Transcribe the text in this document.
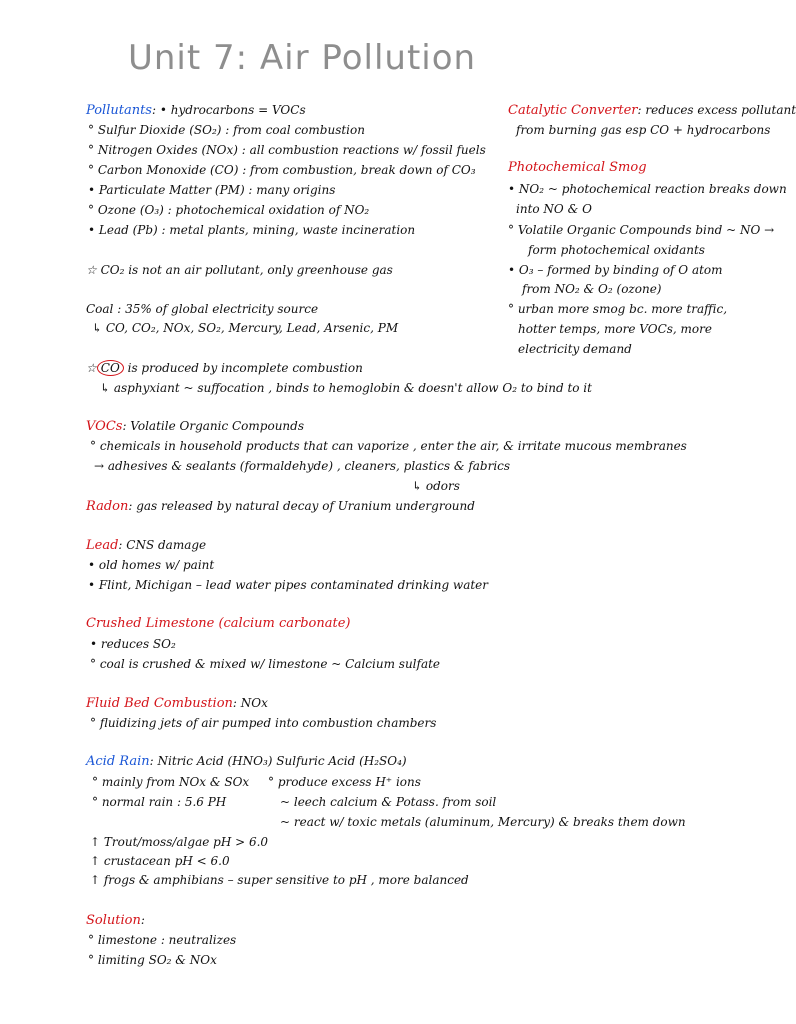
Unit 7: Air Pollution
Pollutants: • hydrocarbons = VOCs
° Sulfur Dioxide (SO₂) : from coal combustion
° Nitrogen Oxides (NOx) : all combustion reactions w/ fossil fuels
° Carbon Monoxide (CO) : from combustion, break down of CO₃
• Particulate Matter (PM) : many origins
° Ozone (O₃) : photochemical oxidation of NO₂
• Lead (Pb) : metal plants, mining, waste incineration
☆ CO₂ is not an air pollutant, only greenhouse gas
Coal : 35% of global electricity source
↳ CO, CO₂, NOx, SO₂, Mercury, Lead, Arsenic, PM
☆ CO is produced by incomplete combustion
↳ asphyxiant ~ suffocation , binds to hemoglobin & doesn't allow O₂ to bind to it
Catalytic Converter: reduces excess pollutant
from burning gas esp CO + hydrocarbons
Photochemical Smog
• NO₂ ~ photochemical reaction breaks down
into NO & O
° Volatile Organic Compounds bind ~ NO →
form photochemical oxidants
• O₃ – formed by binding of O atom
from NO₂ & O₂ (ozone)
° urban more smog bc. more traffic,
hotter temps, more VOCs, more
electricity demand
VOCs: Volatile Organic Compounds
° chemicals in household products that can vaporize , enter the air, & irritate mucous membranes
→ adhesives & sealants (formaldehyde) , cleaners, plastics & fabrics
↳ odors
Radon: gas released by natural decay of Uranium underground
Lead: CNS damage
• old homes w/ paint
• Flint, Michigan – lead water pipes contaminated drinking water
Crushed Limestone (calcium carbonate)
• reduces SO₂
° coal is crushed & mixed w/ limestone ~ Calcium sulfate
Fluid Bed Combustion: NOx
° fluidizing jets of air pumped into combustion chambers
Acid Rain: Nitric Acid (HNO₃) Sulfuric Acid (H₂SO₄)
° mainly from NOx & SOx
° normal rain : 5.6 PH
° produce excess H⁺ ions
~ leech calcium & Potass. from soil
~ react w/ toxic metals (aluminum, Mercury) & breaks them down
↑ Trout/moss/algae pH > 6.0
↑ crustacean pH < 6.0
↑ frogs & amphibians – super sensitive to pH , more balanced
Solution:
° limestone : neutralizes
° limiting SO₂ & NOx
